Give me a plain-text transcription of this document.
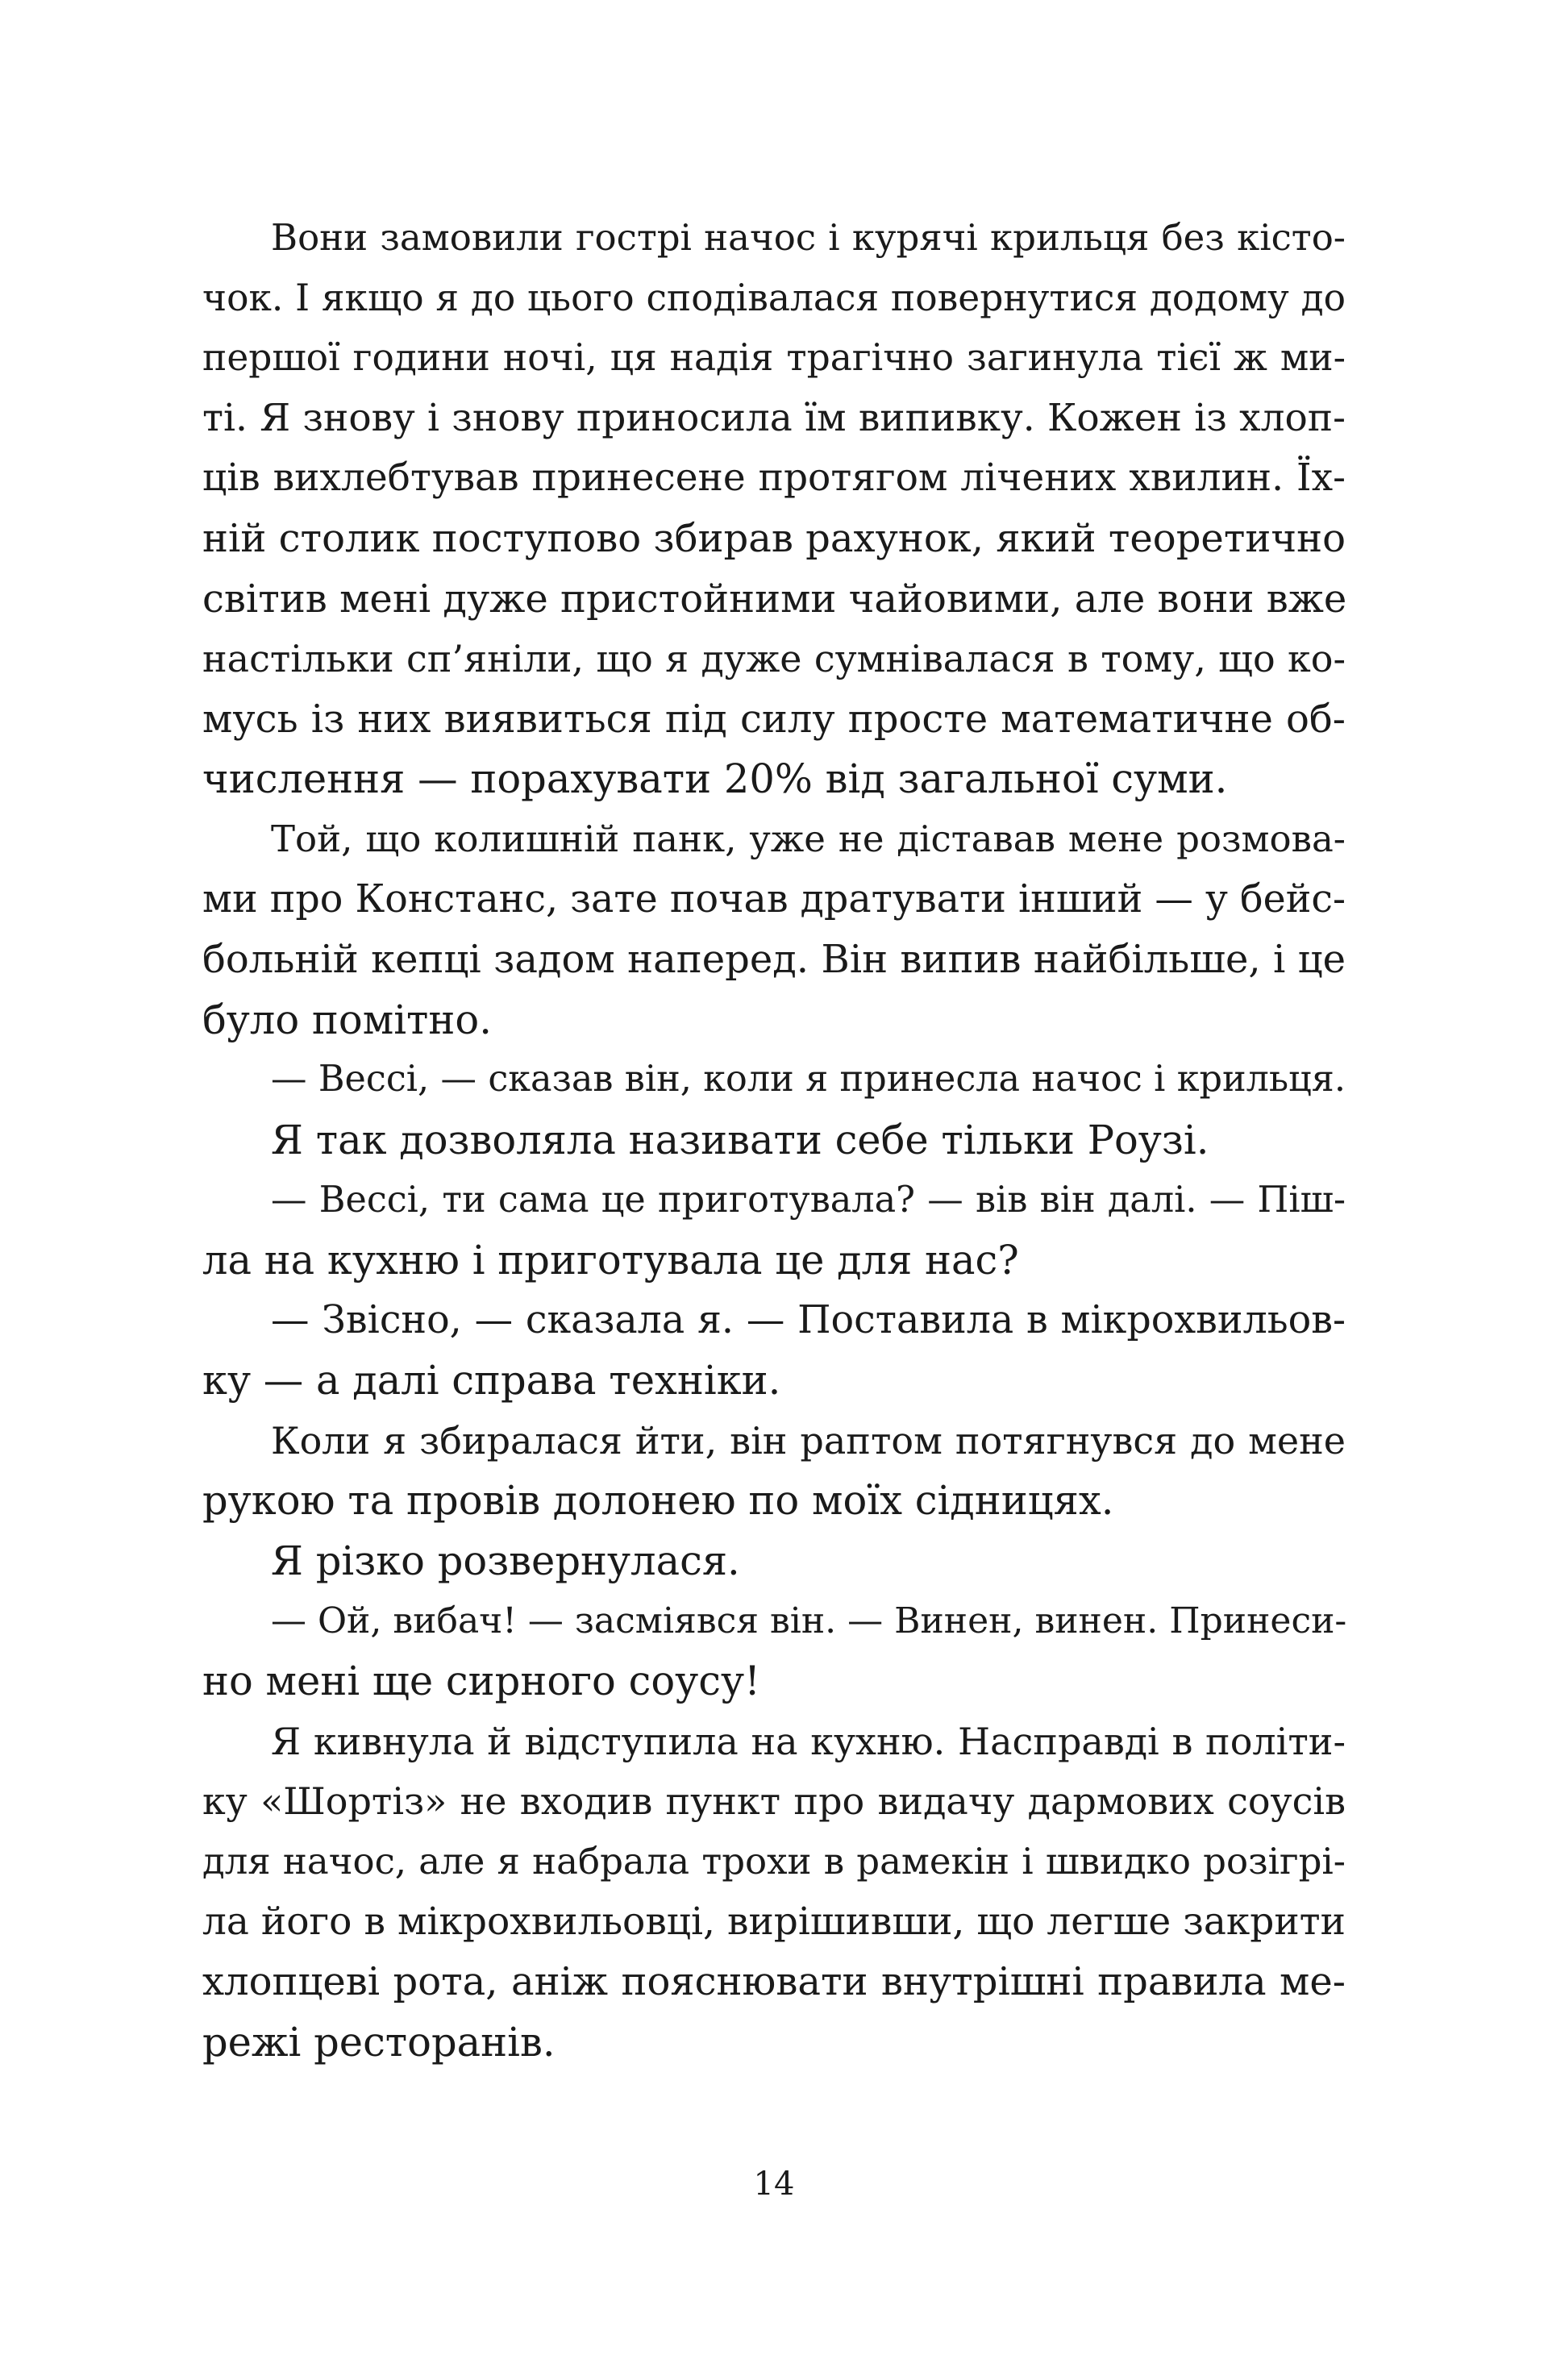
Вони замовили гострі начос і курячі крильця без кісто-
чок. І якщо я до цього сподівалася повернутися додому до
першої години ночі, ця надія трагічно загинула тієї ж ми-
ті. Я знову і знову приносила їм випивку. Кожен із хлоп-
ців вихлебтував принесене протягом лічених хвилин. Їх-
ній столик поступово збирав рахунок, який теоретично
світив мені дуже пристойними чайовими, але вони вже
настільки сп’яніли, що я дуже сумнівалася в тому, що ко-
мусь із них виявиться під силу просте математичне об-
числення — порахувати 20% від загальної суми.
Той, що колишній панк, уже не діставав мене розмова-
ми про Констанс, зате почав дратувати інший — у бейс-
больній кепці задом наперед. Він випив найбільше, і це
було помітно.
— Вессі, — сказав він, коли я принесла начос і крильця.
Я так дозволяла називати себе тільки Роузі.
— Вессі, ти сама це приготувала? — вів він далі. — Піш-
ла на кухню і приготувала це для нас?
— Звісно, — сказала я. — Поставила в мікрохвильов-
ку — а далі справа техніки.
Коли я збиралася йти, він раптом потягнувся до мене
рукою та провів долонею по моїх сідницях.
Я різко розвернулася.
— Ой, вибач! — засміявся він. — Винен, винен. Принеси-
но мені ще сирного соусу!
Я кивнула й відступила на кухню. Насправді в політи-
ку «Шортіз» не входив пункт про видачу дармових соусів
для начос, але я набрала трохи в рамекін і швидко розігрі-
ла його в мікрохвильовці, вирішивши, що легше закрити
хлопцеві рота, аніж пояснювати внутрішні правила ме-
режі ресторанів.
14
